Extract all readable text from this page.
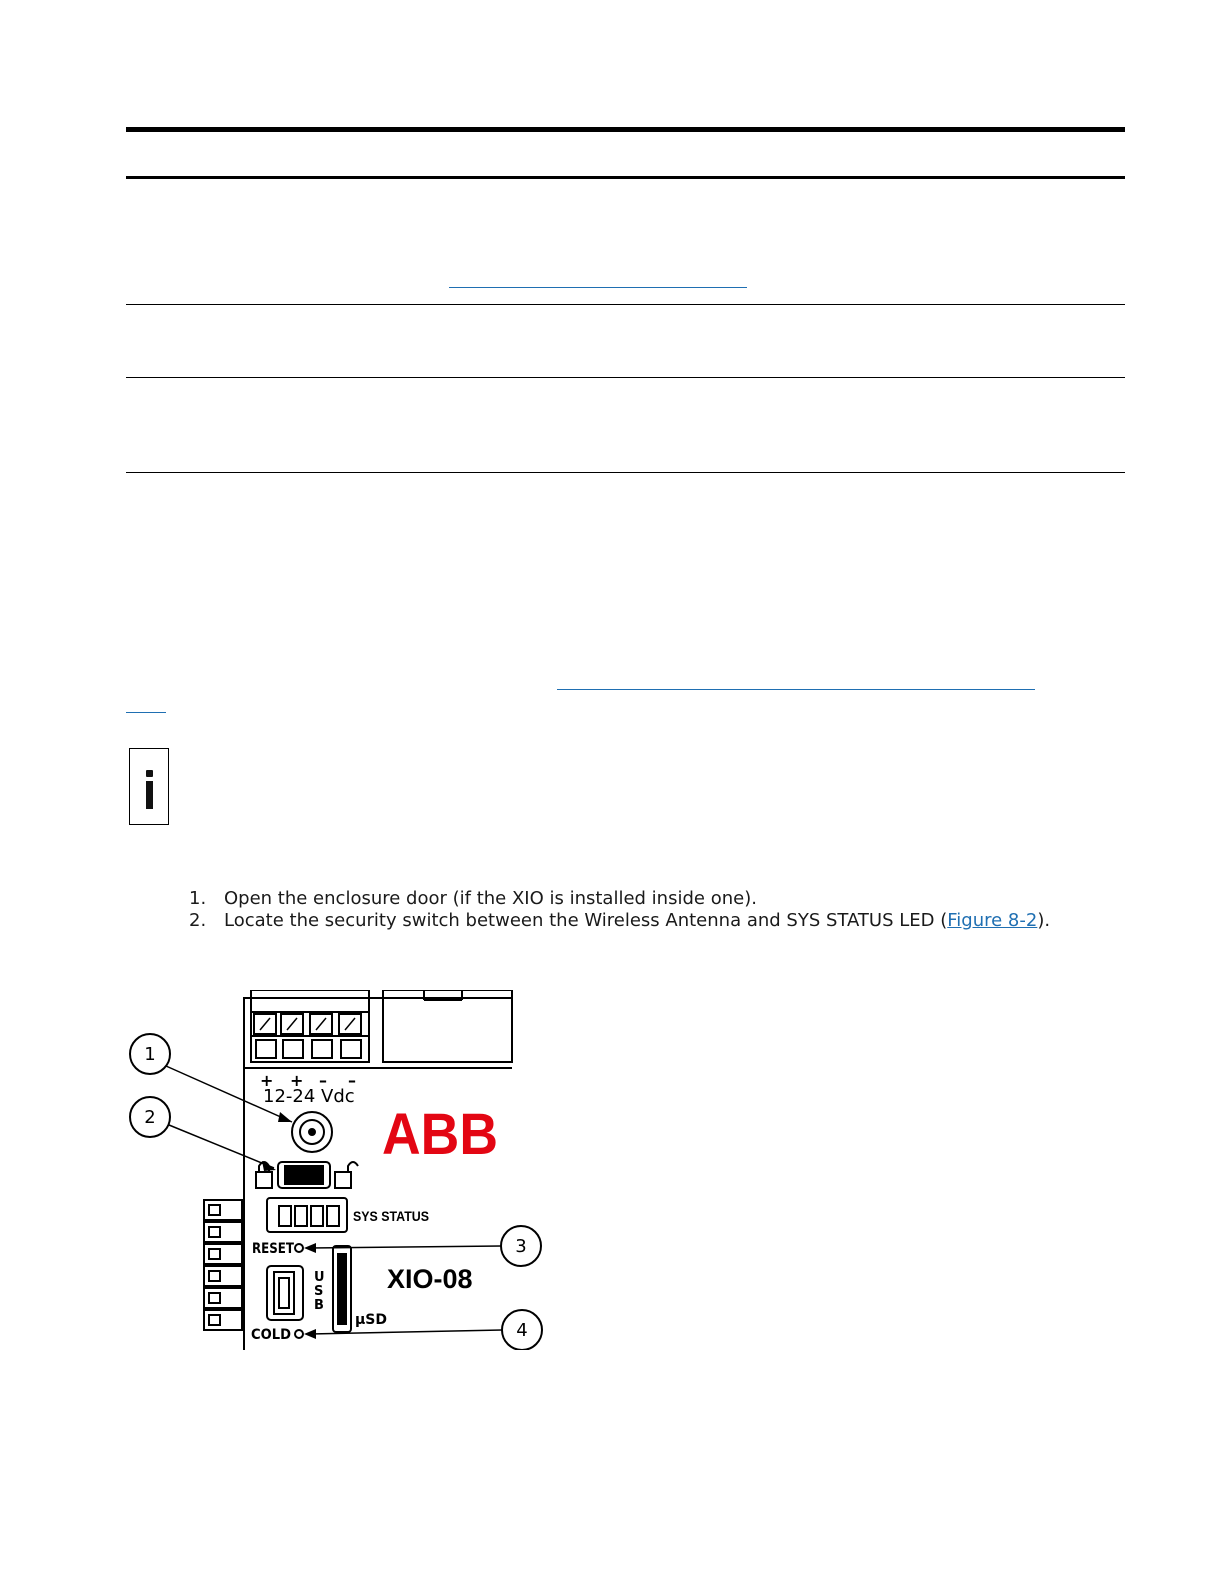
1. Open the enclosure door (if the XIO is installed inside one).
2. Locate the security switch between the Wireless Antenna and SYS STATUS LED (Figure 8-2).
1
2
3
4
+ + – –
12-24 Vdc
ABB
SYS STATUS
RESET
COLD
XIO-08
U
S
B
µSD
